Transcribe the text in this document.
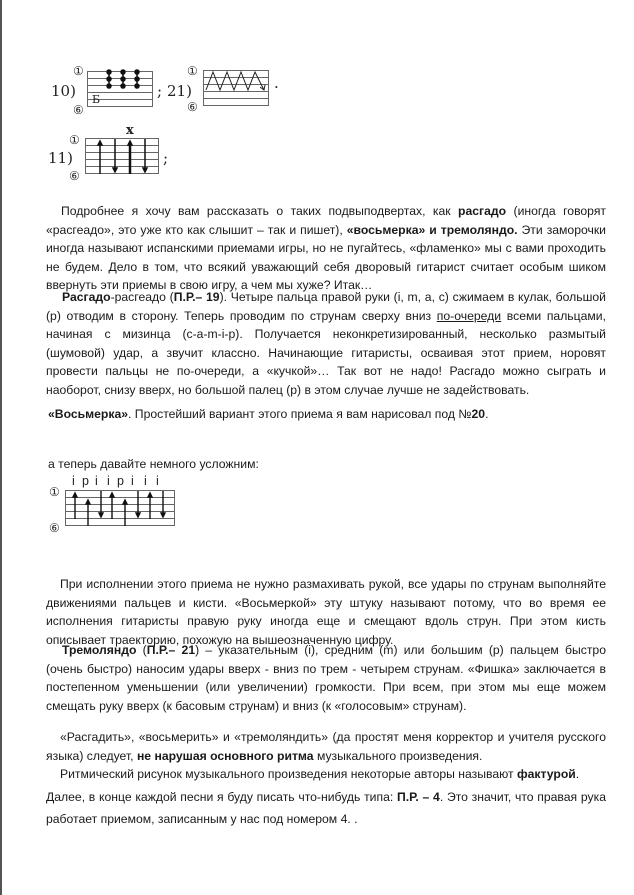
10)
①
⑥
Б	; 21)
①
⑥
·
11)
①
⑥
x
;

Подробнее я хочу вам рассказать о таких подвыподвертах, как расгадо (иногда говорят «расгеадо», это уже кто как слышит – так и пишет), «восьмерка» и тремоляндо. Эти заморочки иногда называют испанскими приемами игры, но не пугайтесь, «фламенко» мы с вами проходить не будем. Дело в том, что всякий уважающий себя дворовый гитарист считает особым шиком ввернуть эти приемы в свою игру, а чем мы хуже? Итак…

Расгадо-расгеадо (П.Р.– 19). Четыре пальца правой руки (i, m, a, c) сжимаем в кулак, большой (p) отводим в сторону. Теперь проводим по струнам сверху вниз по-очереди всеми пальцами, начиная с мизинца (c-a-m-i-p). Получается неконкретизированный, несколько размытый (шумовой) удар, а звучит классно. Начинающие гитаристы, осваивая этот прием, норовят провести пальцы не по-очереди, а «кучкой»… Так вот не надо! Расгадо можно сыграть и наоборот, снизу вверх, но большой палец (p) в этом случае лучше не задействовать.

«Восьмерка». Простейший вариант этого приема я вам нарисовал под №20.

а теперь давайте немного усложним:

i p i i p i i i
①
⑥

При исполнении этого приема не нужно размахивать рукой, все удары по струнам выполняйте движениями пальцев и кисти. «Восьмеркой» эту штуку называют потому, что во время ее исполнения гитаристы правую руку иногда еще и смещают вдоль струн. При этом кисть описывает траекторию, похожую на вышеозначенную цифру.

Тремоляндо (П.Р.– 21) – указательным (i), средним (m) или большим (p) пальцем быстро (очень быстро) наносим удары вверх - вниз по трем - четырем струнам. «Фишка» заключается в постепенном уменьшении (или увеличении) громкости. При всем, при этом мы еще можем смещать руку вверх (к басовым струнам) и вниз (к «голосовым» струнам).

«Расгадить», «восьмерить» и «тремоляндить» (да простят меня корректор и учителя русского языка) следует, не нарушая основного ритма музыкального произведения.

Ритмический рисунок музыкального произведения некоторые авторы называют фактурой.

Далее, в конце каждой песни я буду писать что-нибудь типа: П.Р. – 4. Это значит, что правая рука работает приемом, записанным у нас под номером 4. .
